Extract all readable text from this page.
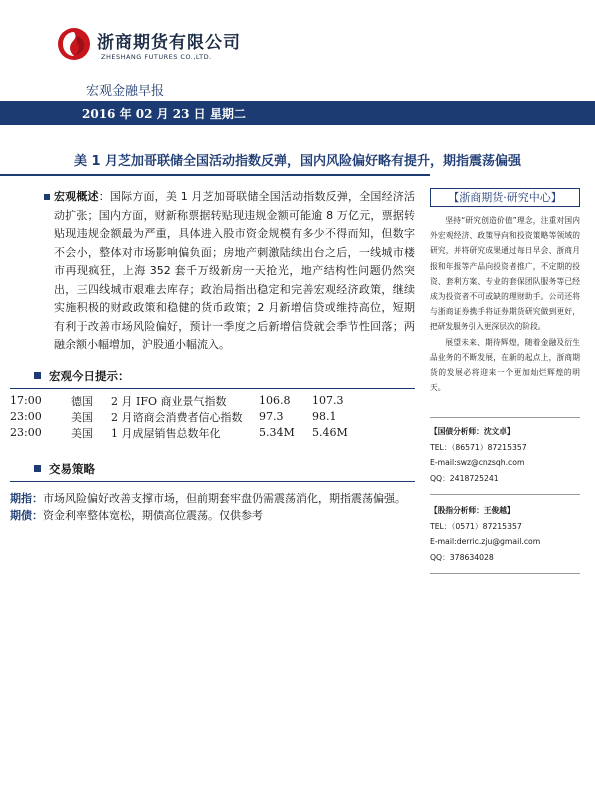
浙商期货有限公司
ZHESHANG FUTURES CO.,LTD.
宏观金融早报
2016 年 02 月 23 日 星期二
美 1 月芝加哥联储全国活动指数反弹，国内风险偏好略有提升，期指震荡偏强
宏观概述：国际方面，美 1 月芝加哥联储全国活动指数反弹，全国经济活动扩张；国内方面，财新称票据转贴现违规金额可能逾 8 万亿元，票据转贴现违规金额最为严重，具体进入股市资金规模有多少不得而知，但数字不会小，整体对市场影响偏负面；房地产刺激陆续出台之后，一线城市楼市再现疯狂，上海 352 套千万级新房一天抢光，地产结构性问题仍然突出，三四线城市艰难去库存；政治局指出稳定和完善宏观经济政策，继续实施积极的财政政策和稳健的货币政策；2 月新增信贷或维持高位，短期有利于改善市场风险偏好，预计一季度之后新增信贷就会季节性回落；两融余额小幅增加，沪股通小幅流入。
宏观今日提示：
17:00	德国	2 月 IFO 商业景气指数	106.8	107.3
23:00	美国	2 月谘商会消费者信心指数	97.3	98.1
23:00	美国	1 月成屋销售总数年化	5.34M	5.46M
交易策略
期指：市场风险偏好改善支撑市场，但前期套牢盘仍需震荡消化，期指震荡偏强。
期债：资金利率整体宽松，期债高位震荡。仅供参考
【浙商期货·研究中心】

坚持“研究创造价值”理念，注重对国内外宏观经济、政策导向和投资策略等领域的研究，并将研究成果通过每日早会、浙商月报和年报等产品向投资者推广，不定期的投资、套利方案、专业的套保团队服务等已经成为投资者不可或缺的理财助手。公司还将与浙商证券携手将证券期货研究做到更好，把研发服务引入更深层次的阶段。

展望未来、期待辉煌，随着金融及衍生品业务的不断发展，在新的起点上，浙商期货的发展必将迎来一个更加灿烂辉煌的明天。

【国债分析师：沈文卓】
TEL：（86571）87215357
E-mail:swz@cnzsqh.com
QQ：2418725241
【股指分析师：王俊越】
TEL：（0571）87215357
E-mail:derric.zju@gmail.com
QQ：378634028
